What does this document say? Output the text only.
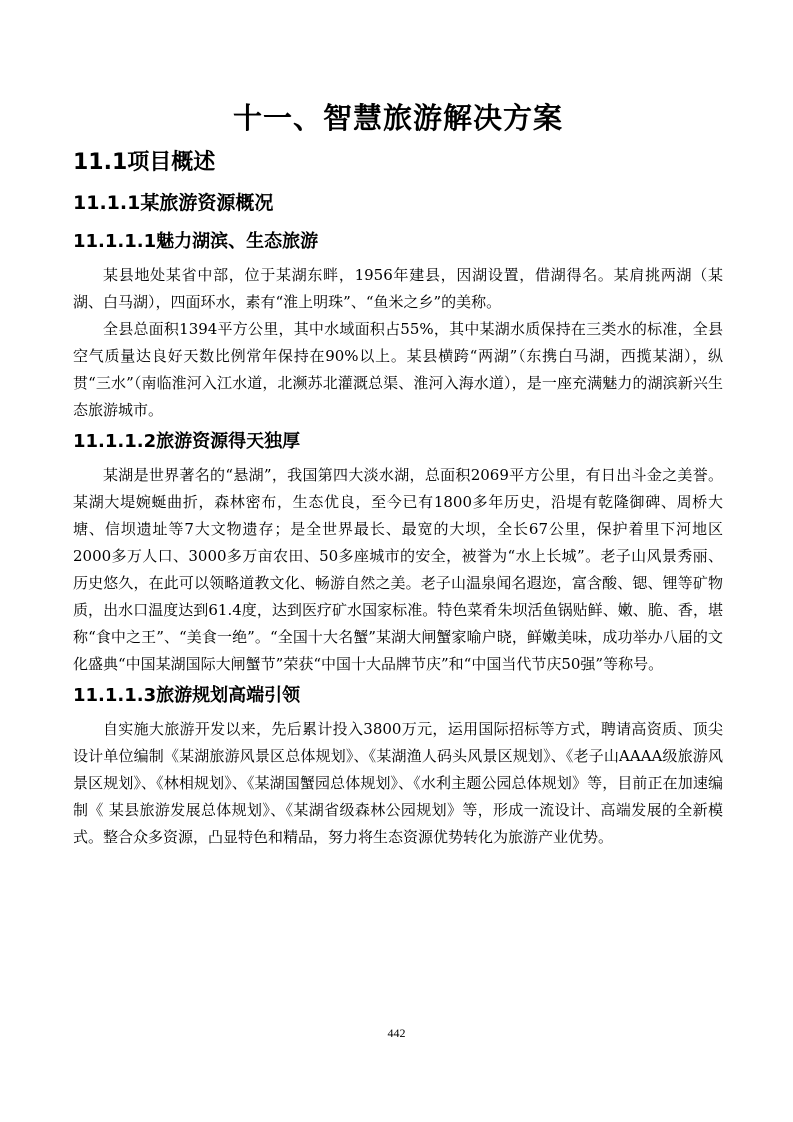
十一、智慧旅游解决方案
11.1项目概述
11.1.1某旅游资源概况
11.1.1.1魅力湖滨、生态旅游

某县地处某省中部，位于某湖东畔，1956年建县，因湖设置，借湖得名。某肩挑两湖（某湖、白马湖），四面环水，素有“淮上明珠”、“鱼米之乡”的美称。

全县总面积1394平方公里，其中水域面积占55%，其中某湖水质保持在三类水的标准，全县空气质量达良好天数比例常年保持在90%以上。某县横跨“两湖”（东携白马湖，西揽某湖），纵贯“三水”（南临淮河入江水道，北濒苏北灌溉总渠、淮河入海水道），是一座充满魅力的湖滨新兴生态旅游城市。

11.1.1.2旅游资源得天独厚

某湖是世界著名的“悬湖”，我国第四大淡水湖，总面积2069平方公里，有日出斗金之美誉。某湖大堤婉蜒曲折，森林密布，生态优良，至今已有1800多年历史，沿堤有乾隆御碑、周桥大塘、信坝遗址等7大文物遗存；是全世界最长、最宽的大坝，全长67公里，保护着里下河地区2000多万人口、3000多万亩农田、50多座城市的安全，被誉为“水上长城”。老子山风景秀丽、历史悠久，在此可以领略道教文化、畅游自然之美。老子山温泉闻名遐迩，富含酸、锶、锂等矿物质，出水口温度达到61.4度，达到医疗矿水国家标准。特色菜肴朱坝活鱼锅贴鲜、嫩、脆、香，堪称“食中之王”、“美食一绝”。“全国十大名蟹”某湖大闸蟹家喻户晓，鲜嫩美味，成功举办八届的文化盛典“中国某湖国际大闸蟹节”荣获“中国十大品牌节庆”和“中国当代节庆50强”等称号。

11.1.1.3旅游规划高端引领

自实施大旅游开发以来，先后累计投入3800万元，运用国际招标等方式，聘请高资质、顶尖设计单位编制《某湖旅游风景区总体规划》、《某湖渔人码头风景区规划》、《老子山AAAA级旅游风景区规划》、《林相规划》、《某湖国蟹园总体规划》、《水利主题公园总体规划》等，目前正在加速编制《 某县旅游发展总体规划》、《某湖省级森林公园规划》等，形成一流设计、高端发展的全新模式。整合众多资源，凸显特色和精品，努力将生态资源优势转化为旅游产业优势。

442
